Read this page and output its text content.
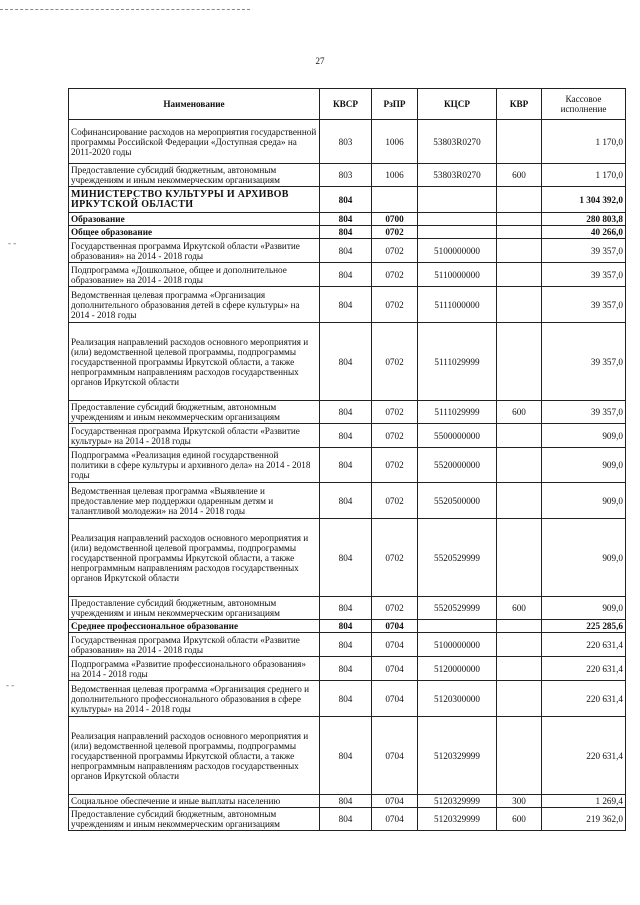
27
- -
- -
Наименование	КВСР	РзПР	КЦСР	КВР	Кассовое исполнение
Софинансирование расходов на мероприятия государственной программы Российской Федерации «Доступная среда» на 2011-2020 годы	803	1006	53803R0270		1 170,0
Предоставление субсидий бюджетным, автономным учреждениям и иным некоммерческим организациям	803	1006	53803R0270	600	1 170,0
МИНИСТЕРСТВО КУЛЬТУРЫ И АРХИВОВ ИРКУТСКОЙ ОБЛАСТИ	804				1 304 392,0
Образование	804	0700			280 803,8
Общее образование	804	0702			40 266,0
Государственная программа Иркутской области «Развитие образования» на 2014 - 2018 годы	804	0702	5100000000		39 357,0
Подпрограмма «Дошкольное, общее и дополнительное образование» на 2014 - 2018 годы	804	0702	5110000000		39 357,0
Ведомственная целевая программа «Организация дополнительного образования детей в сфере культуры» на 2014 - 2018 годы	804	0702	5111000000		39 357,0
Реализация направлений расходов основного мероприятия и (или) ведомственной целевой программы, подпрограммы государственной программы Иркутской области, а также непрограммным направлениям расходов государственных органов Иркутской области	804	0702	5111029999		39 357,0
Предоставление субсидий бюджетным, автономным учреждениям и иным некоммерческим организациям	804	0702	5111029999	600	39 357,0
Государственная программа Иркутской области «Развитие культуры» на 2014 - 2018 годы	804	0702	5500000000		909,0
Подпрограмма «Реализация единой государственной политики в сфере культуры и архивного дела» на 2014 - 2018 годы	804	0702	5520000000		909,0
Ведомственная целевая программа «Выявление и предоставление мер поддержки одаренным детям и талантливой молодежи» на 2014 - 2018 годы	804	0702	5520500000		909,0
Реализация направлений расходов основного мероприятия и (или) ведомственной целевой программы, подпрограммы государственной программы Иркутской области, а также непрограммным направлениям расходов государственных органов Иркутской области	804	0702	5520529999		909,0
Предоставление субсидий бюджетным, автономным учреждениям и иным некоммерческим организациям	804	0702	5520529999	600	909,0
Среднее профессиональное образование	804	0704			225 285,6
Государственная программа Иркутской области «Развитие образования» на 2014 - 2018 годы	804	0704	5100000000		220 631,4
Подпрограмма «Развитие профессионального образования» на 2014 - 2018 годы	804	0704	5120000000		220 631,4
Ведомственная целевая программа «Организация среднего и дополнительного профессионального образования в сфере культуры» на 2014 - 2018 годы	804	0704	5120300000		220 631,4
Реализация направлений расходов основного мероприятия и (или) ведомственной целевой программы, подпрограммы государственной программы Иркутской области, а также непрограммным направлениям расходов государственных органов Иркутской области	804	0704	5120329999		220 631,4
Социальное обеспечение и иные выплаты населению	804	0704	5120329999	300	1 269,4
Предоставление субсидий бюджетным, автономным учреждениям и иным некоммерческим организациям	804	0704	5120329999	600	219 362,0
